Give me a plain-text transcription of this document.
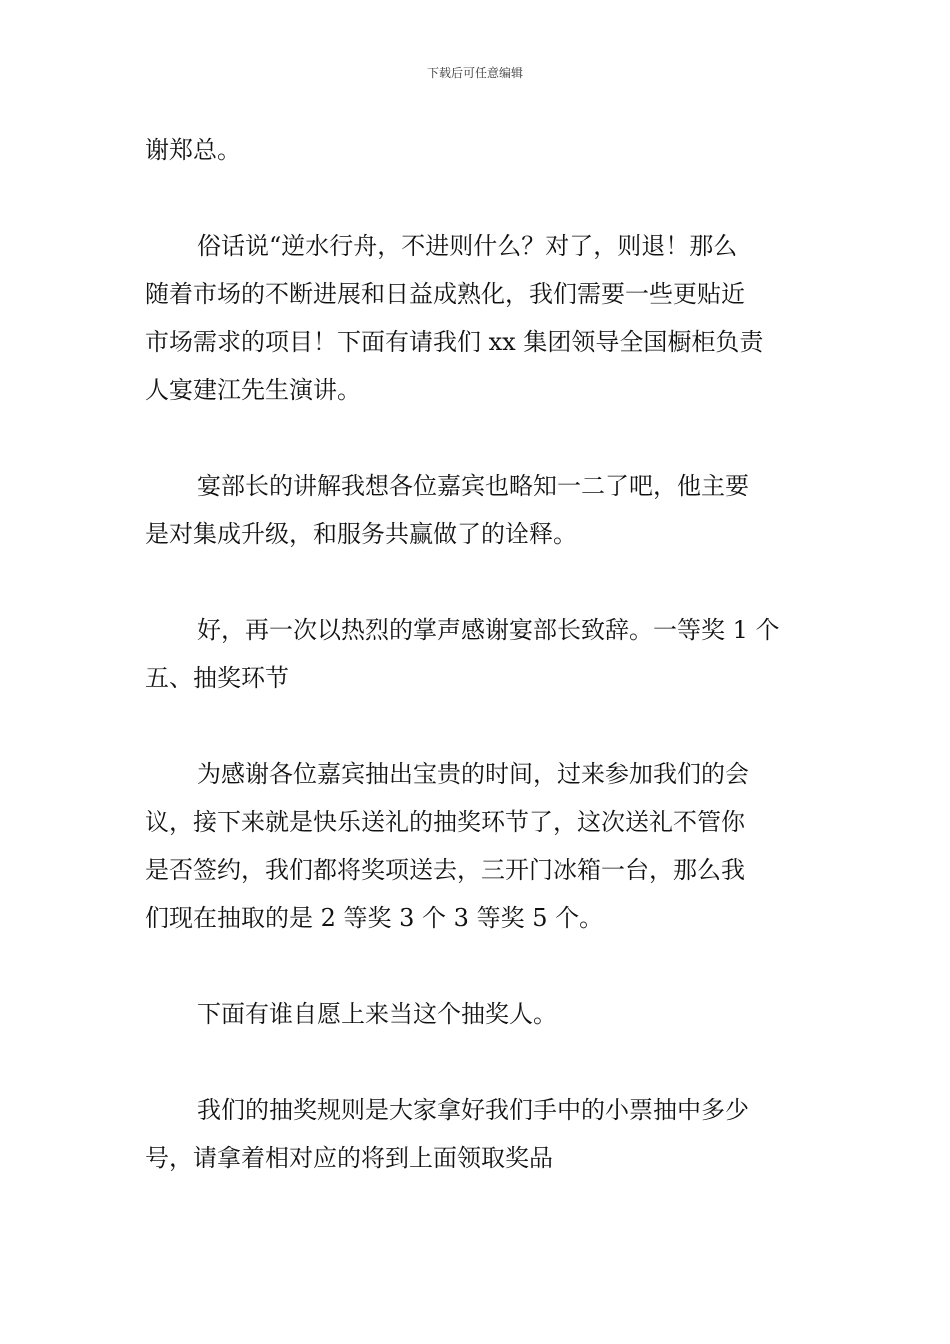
下载后可任意编辑

谢郑总。

俗话说“逆水行舟，不进则什么？对了，则退！那么

随着市场的不断进展和日益成熟化，我们需要一些更贴近

市场需求的项目！下面有请我们 xx 集团领导全国橱柜负责

人宴建江先生演讲。

宴部长的讲解我想各位嘉宾也略知一二了吧，他主要

是对集成升级，和服务共赢做了的诠释。

好，再一次以热烈的掌声感谢宴部长致辞。一等奖 1 个

五、抽奖环节

为感谢各位嘉宾抽出宝贵的时间，过来参加我们的会

议，接下来就是快乐送礼的抽奖环节了，这次送礼不管你

是否签约，我们都将奖项送去，三开门冰箱一台，那么我

们现在抽取的是 2 等奖 3 个 3 等奖 5 个。

下面有谁自愿上来当这个抽奖人。

我们的抽奖规则是大家拿好我们手中的小票抽中多少

号，请拿着相对应的将到上面领取奖品
